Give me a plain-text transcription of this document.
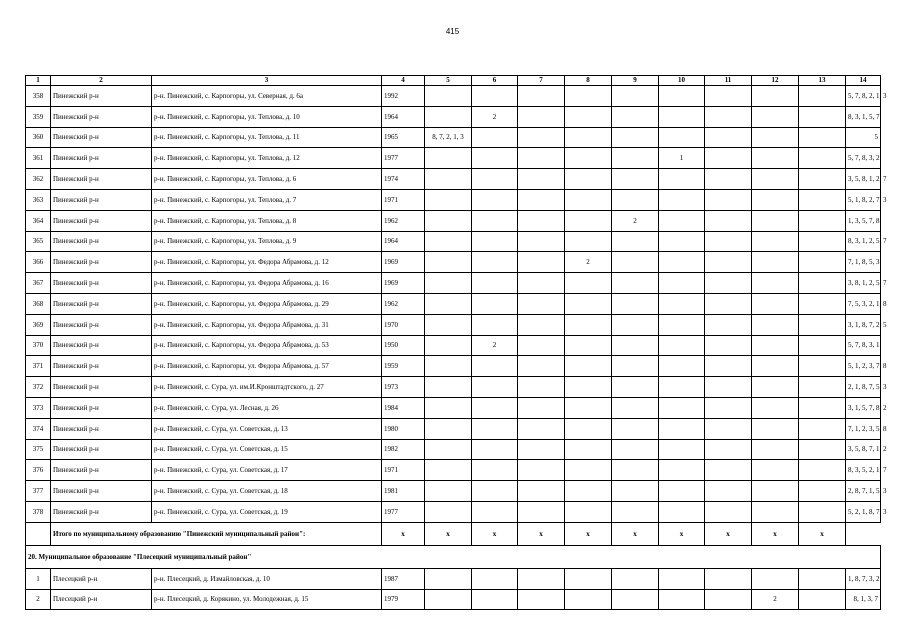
415
1	2	3	4	5	6	7	8	9	10	11	12	13	14
358	Пинежский р-н	р-н. Пинежский, с. Карпогоры, ул. Северная, д. 6а	1992										5, 7, 8, 2, 1, 3
359	Пинежский р-н	р-н. Пинежский, с. Карпогоры, ул. Теплова, д. 10	1964		2								8, 3, 1, 5, 7
360	Пинежский р-н	р-н. Пинежский, с. Карпогоры, ул. Теплова, д. 11	1965	8, 7, 2, 1, 3									5
361	Пинежский р-н	р-н. Пинежский, с. Карпогоры, ул. Теплова, д. 12	1977						1				5, 7, 8, 3, 2
362	Пинежский р-н	р-н. Пинежский, с. Карпогоры, ул. Теплова, д. 6	1974										3, 5, 8, 1, 2, 7
363	Пинежский р-н	р-н. Пинежский, с. Карпогоры, ул. Теплова, д. 7	1971										5, 1, 8, 2, 7, 3
364	Пинежский р-н	р-н. Пинежский, с. Карпогоры, ул. Теплова, д. 8	1962					2					1, 3, 5, 7, 8
365	Пинежский р-н	р-н. Пинежский, с. Карпогоры, ул. Теплова, д. 9	1964										8, 3, 1, 2, 5, 7
366	Пинежский р-н	р-н. Пинежский, с. Карпогоры, ул. Федора Абрамова, д. 12	1969				2						7, 1, 8, 5, 3
367	Пинежский р-н	р-н. Пинежский, с. Карпогоры, ул. Федора Абрамова, д. 16	1969										3, 8, 1, 2, 5, 7
368	Пинежский р-н	р-н. Пинежский, с. Карпогоры, ул. Федора Абрамова, д. 29	1962										7, 5, 3, 2, 1, 8
369	Пинежский р-н	р-н. Пинежский, с. Карпогоры, ул. Федора Абрамова, д. 31	1970										3, 1, 8, 7, 2, 5
370	Пинежский р-н	р-н. Пинежский, с. Карпогоры, ул. Федора Абрамова, д. 53	1950		2								5, 7, 8, 3, 1
371	Пинежский р-н	р-н. Пинежский, с. Карпогоры, ул. Федора Абрамова, д. 57	1959										5, 1, 2, 3, 7, 8
372	Пинежский р-н	р-н. Пинежский, с. Сура, ул. им.И.Кронштадтского, д. 27	1973										2, 1, 8, 7, 5, 3
373	Пинежский р-н	р-н. Пинежский, с. Сура, ул. Лесная, д. 26	1984										3, 1, 5, 7, 8, 2
374	Пинежский р-н	р-н. Пинежский, с. Сура, ул. Советская, д. 13	1980										7, 1, 2, 3, 5, 8
375	Пинежский р-н	р-н. Пинежский, с. Сура, ул. Советская, д. 15	1982										3, 5, 8, 7, 1, 2
376	Пинежский р-н	р-н. Пинежский, с. Сура, ул. Советская, д. 17	1971										8, 3, 5, 2, 1, 7
377	Пинежский р-н	р-н. Пинежский, с. Сура, ул. Советская, д. 18	1981										2, 8, 7, 1, 5, 3
378	Пинежский р-н	р-н. Пинежский, с. Сура, ул. Советская, д. 19	1977										5, 2, 1, 8, 7, 3
	Итого по муниципальному образованию "Пинежский муниципальный район":		x	x	x	x	x	x	x	x	x	x	
20. Муниципальное образование "Плесецкий муниципальный район"													
1	Плесецкий р-н	р-н. Плесецкий, д. Измайловская, д. 10	1987										1, 8, 7, 3, 2
2	Плесецкий р-н	р-н. Плесецкий, д. Корякино, ул. Молодежная, д. 15	1979								2		8, 1, 3, 7
